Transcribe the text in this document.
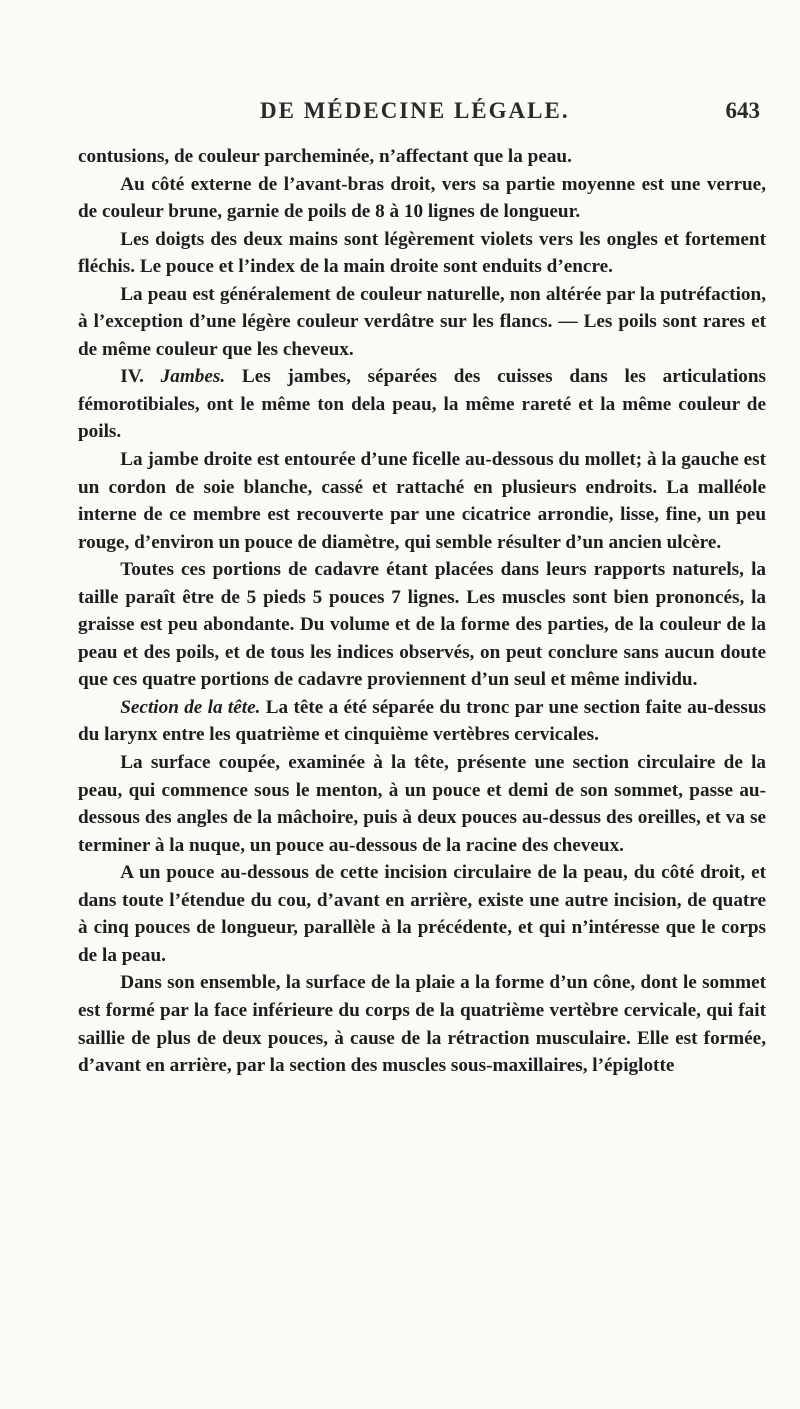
DE MÉDECINE LÉGALE.	643

contusions, de couleur parcheminée, n’affectant que la peau.

Au côté externe de l’avant-bras droit, vers sa partie moyenne est une verrue, de couleur brune, garnie de poils de 8 à 10 lignes de longueur.

Les doigts des deux mains sont légèrement violets vers les ongles et fortement fléchis. Le pouce et l’index de la main droite sont enduits d’encre.

La peau est généralement de couleur naturelle, non altérée par la putréfaction, à l’exception d’une légère couleur verdâtre sur les flancs. — Les poils sont rares et de même couleur que les cheveux.

IV. Jambes. Les jambes, séparées des cuisses dans les articulations fémorotibiales, ont le même ton dela peau, la même rareté et la même couleur de poils.

La jambe droite est entourée d’une ficelle au-dessous du mollet; à la gauche est un cordon de soie blanche, cassé et rattaché en plusieurs endroits. La malléole interne de ce membre est recouverte par une cicatrice arrondie, lisse, fine, un peu rouge, d’environ un pouce de diamètre, qui semble résulter d’un ancien ulcère.

Toutes ces portions de cadavre étant placées dans leurs rapports naturels, la taille paraît être de 5 pieds 5 pouces 7 lignes. Les muscles sont bien prononcés, la graisse est peu abondante. Du volume et de la forme des parties, de la couleur de la peau et des poils, et de tous les indices observés, on peut conclure sans aucun doute que ces quatre portions de cadavre proviennent d’un seul et même individu.

Section de la tête. La tête a été séparée du tronc par une section faite au-dessus du larynx entre les quatrième et cinquième vertèbres cervicales.

La surface coupée, examinée à la tête, présente une section circulaire de la peau, qui commence sous le menton, à un pouce et demi de son sommet, passe au-dessous des angles de la mâchoire, puis à deux pouces au-dessus des oreilles, et va se terminer à la nuque, un pouce au-dessous de la racine des cheveux.

A un pouce au-dessous de cette incision circulaire de la peau, du côté droit, et dans toute l’étendue du cou, d’avant en arrière, existe une autre incision, de quatre à cinq pouces de longueur, parallèle à la précédente, et qui n’intéresse que le corps de la peau.

Dans son ensemble, la surface de la plaie a la forme d’un cône, dont le sommet est formé par la face inférieure du corps de la quatrième vertèbre cervicale, qui fait saillie de plus de deux pouces, à cause de la rétraction musculaire. Elle est formée, d’avant en arrière, par la section des muscles sous-maxillaires, l’épiglotte
